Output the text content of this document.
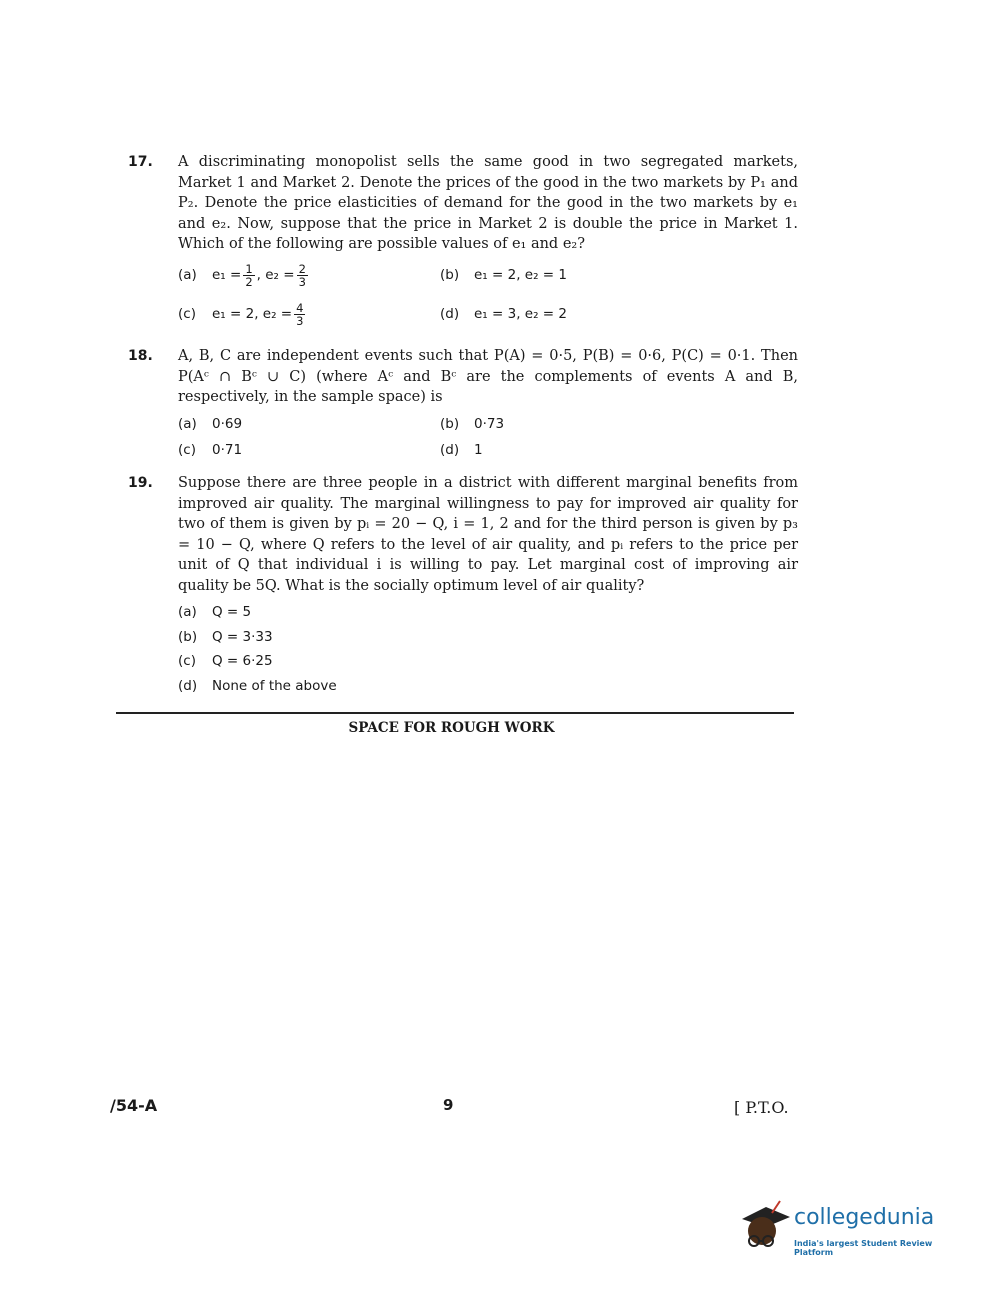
17. A discriminating monopolist sells the same good in two segregated markets, Market 1 and Market 2. Denote the prices of the good in the two markets by P₁ and P₂. Denote the price elasticities of demand for the good in the two markets by e₁ and e₂. Now, suppose that the price in Market 2 is double the price in Market 1. Which of the following are possible values of e₁ and e₂?
(a)	$e_1 = \frac{1}{2}$ , $e_2 = \frac{2}{3}$	(b)	e₁ = 2, e₂ = 1
(c)	e₁ = 2, $e_2 = \frac{4}{3}$	(d)	e₁ = 3, e₂ = 2
18. A, B, C are independent events such that P(A) = 0·5, P(B) = 0·6, P(C) = 0·1. Then P(Aᶜ ∩ Bᶜ ∪ C) (where Aᶜ and Bᶜ are the complements of events A and B, respectively, in the sample space) is
(a)	0·69	(b)	0·73
(c)	0·71	(d)	1
19. Suppose there are three people in a district with different marginal benefits from improved air quality. The marginal willingness to pay for improved air quality for two of them is given by pᵢ = 20 − Q, i = 1, 2 and for the third person is given by p₃ = 10 − Q, where Q refers to the level of air quality, and pᵢ refers to the price per unit of Q that individual i is willing to pay. Let marginal cost of improving air quality be 5Q. What is the socially optimum level of air quality?
(a)	Q = 5
(b)	Q = 3·33
(c)	Q = 6·25
(d)	None of the above
SPACE FOR ROUGH WORK
/54-A	9	[ P.T.O.
collegedunia
India's largest Student Review Platform
